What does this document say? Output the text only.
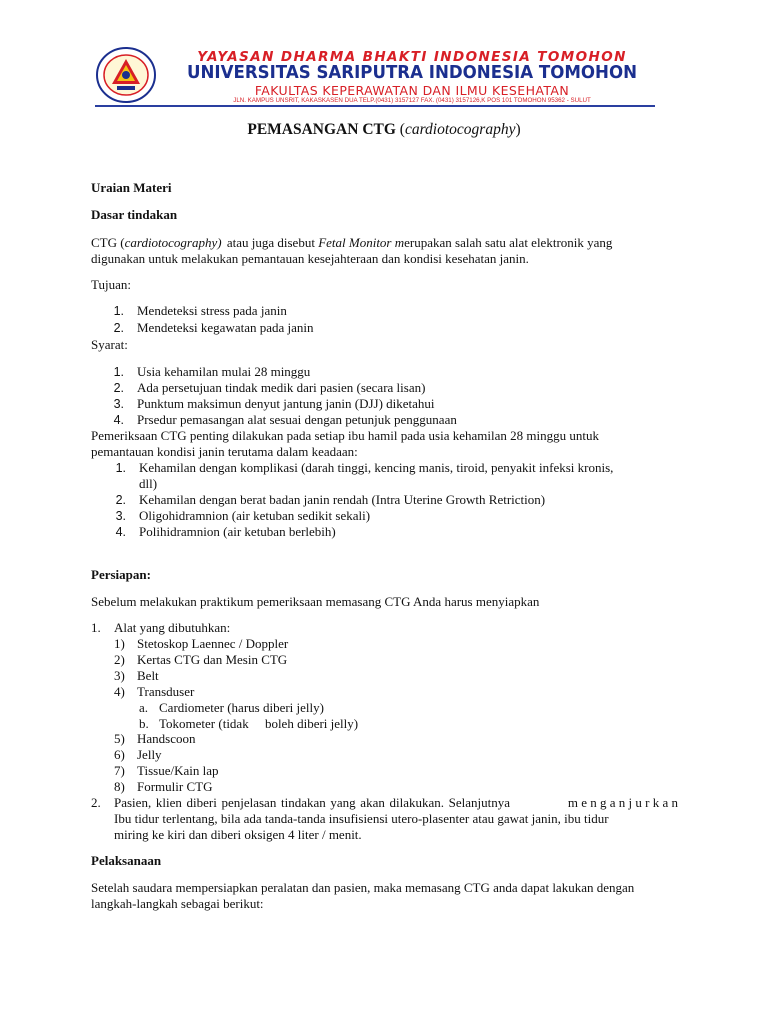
YAYASAN DHARMA BHAKTI INDONESIA TOMOHON
UNIVERSITAS SARIPUTRA INDONESIA TOMOHON
FAKULTAS KEPERAWATAN DAN ILMU KESEHATAN
JLN. KAMPUS UNSRIT, KAKASKASEN DUA TELP.(0431) 3157127 FAX. (0431) 3157126,K POS 101 TOMOHON 95362 - SULUT
PEMASANGAN CTG (cardiotocography)
Uraian Materi
Dasar tindakan
CTG (cardiotocography) atau juga disebut Fetal Monitor merupakan salah satu alat elektronik yang
digunakan untuk melakukan pemantauan kesejahteraan dan kondisi kesehatan janin.
Tujuan:
1. Mendeteksi stress pada janin
2. Mendeteksi kegawatan pada janin
Syarat:
1. Usia kehamilan mulai 28 minggu
2. Ada persetujuan tindak medik dari pasien (secara lisan)
3. Punktum maksimun denyut jantung janin (DJJ) diketahui
4. Prsedur pemasangan alat sesuai dengan petunjuk penggunaan
Pemeriksaan CTG penting dilakukan pada setiap ibu hamil pada usia kehamilan 28 minggu untuk
pemantauan kondisi janin terutama dalam keadaan:
1. Kehamilan dengan komplikasi (darah tinggi, kencing manis, tiroid, penyakit infeksi kronis,
dll)
2. Kehamilan dengan berat badan janin rendah (Intra Uterine Growth Retriction)
3. Oligohidramnion (air ketuban sedikit sekali)
4. Polihidramnion (air ketuban berlebih)
Persiapan:
Sebelum melakukan praktikum pemeriksaan memasang CTG Anda harus menyiapkan
1. Alat yang dibutuhkan:
1) Stetoskop Laennec / Doppler
2) Kertas CTG dan Mesin CTG
3) Belt
4) Transduser
a. Cardiometer (harus diberi jelly)
b. Tokometer (tidak     boleh diberi jelly)
5) Handscoon
6) Jelly
7) Tissue/Kain lap
8) Formulir CTG
2. Pasien, klien diberi penjelasan tindakan yang akan dilakukan. Selanjutnya	m e n g a n j u r k a n
Ibu tidur terlentang, bila ada tanda-tanda insufisiensi utero-plasenter atau gawat janin, ibu tidur
miring ke kiri dan diberi oksigen 4 liter / menit.
Pelaksanaan
Setelah saudara mempersiapkan peralatan dan pasien, maka memasang CTG anda dapat lakukan dengan
langkah-langkah sebagai berikut:
